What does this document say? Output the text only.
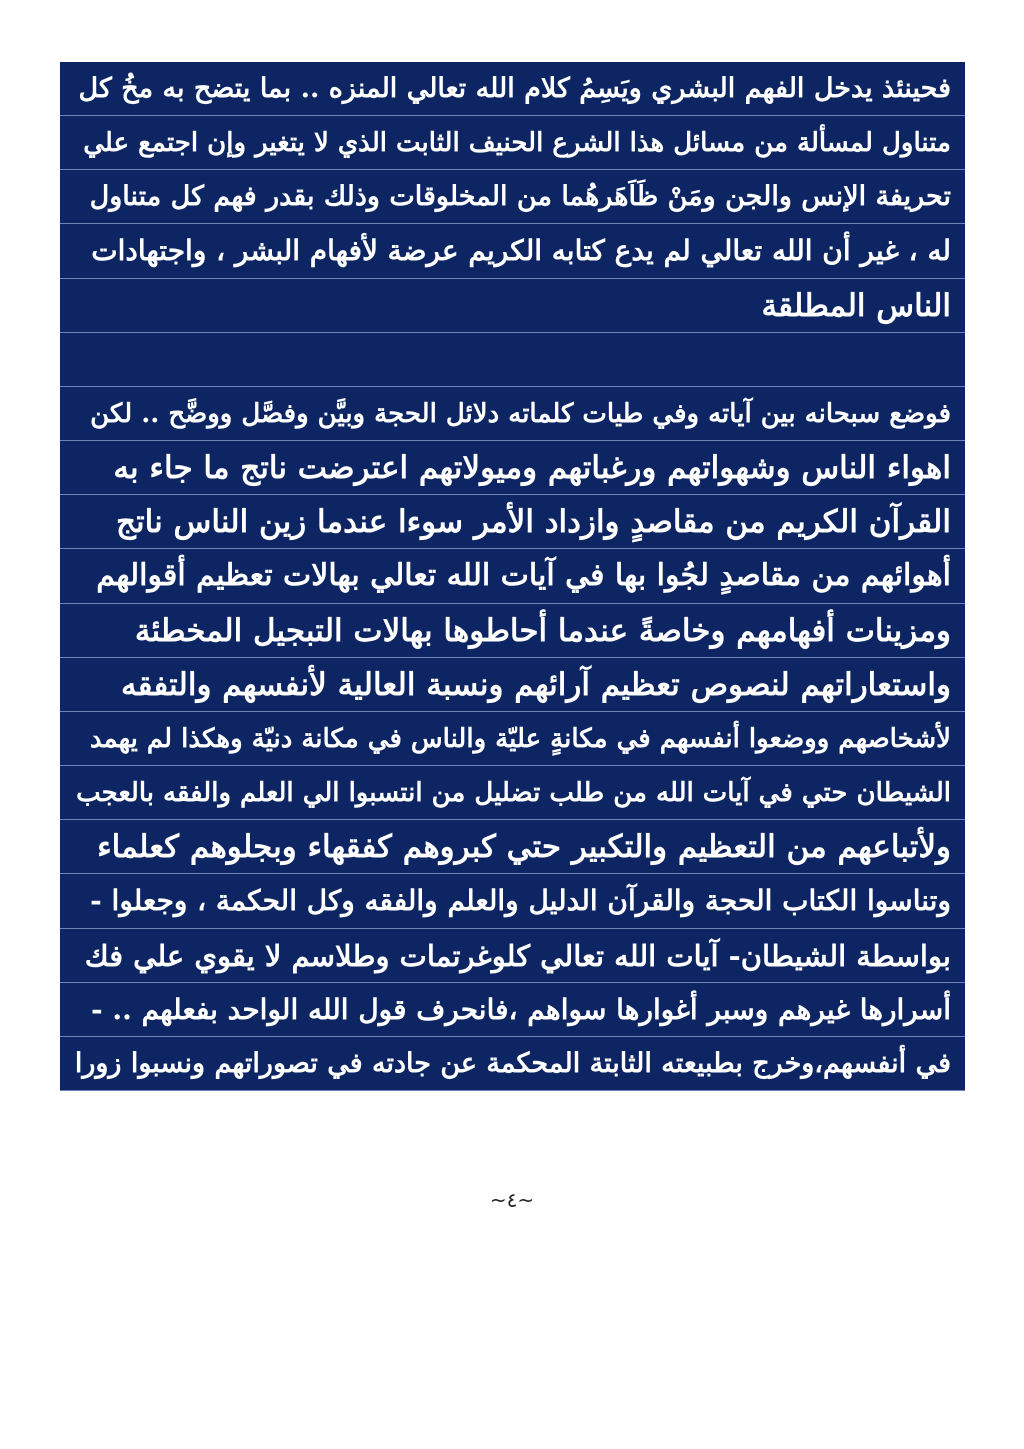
فحينئذ يدخل الفهم البشري ويَسِمُ كلام الله تعالي المنزه .. بما يتضح به مخُ كل
متناول لمسألة من مسائل هذا الشرع الحنيف الثابت الذي لا يتغير وإن اجتمع علي
تحريفة الإنس والجن ومَنْ ظَاَهَرهُما من المخلوقات وذلك بقدر فهم كل متناول
له ، غير أن الله تعالي لم يدع كتابه الكريم عرضة لأفهام البشر ، واجتهادات
الناس المطلقة
فوضع سبحانه بين آياته وفي طيات كلماته دلائل الحجة وبيَّن وفصَّل ووضَّح .. لكن
اهواء الناس وشهواتهم ورغباتهم وميولاتهم اعترضت ناتج ما جاء به
القرآن الكريم من مقاصدٍ وازداد الأمر سوءا عندما زين الناس ناتج
أهوائهم من مقاصدٍ لجُوا بها في آيات الله تعالي بهالات تعظيم أقوالهم
ومزينات أفهامهم وخاصةً عندما أحاطوها بهالات التبجيل المخطئة
واستعاراتهم لنصوص تعظيم آرائهم ونسبة العالية لأنفسهم والتفقه
لأشخاصهم ووضعوا أنفسهم في مكانةٍ عليّة والناس في مكانة دنيّة وهكذا لم يهمد
الشيطان حتي في آيات الله من طلب تضليل من انتسبوا الي العلم والفقه بالعجب
ولأتباعهم من التعظيم والتكبير حتي كبروهم كفقهاء وبجلوهم كعلماء
وتناسوا الكتاب الحجة والقرآن الدليل والعلم والفقه وكل الحكمة ، وجعلوا -
بواسطة الشيطان- آيات الله تعالي كلوغرتمات وطلاسم لا يقوي علي فك
أسرارها غيرهم وسبر أغوارها سواهم ،فانحرف قول الله الواحد بفعلهم .. -
في أنفسهم،وخرج بطبيعته الثابتة المحكمة عن جادته في تصوراتهم ونسبوا زورا
~٤~
